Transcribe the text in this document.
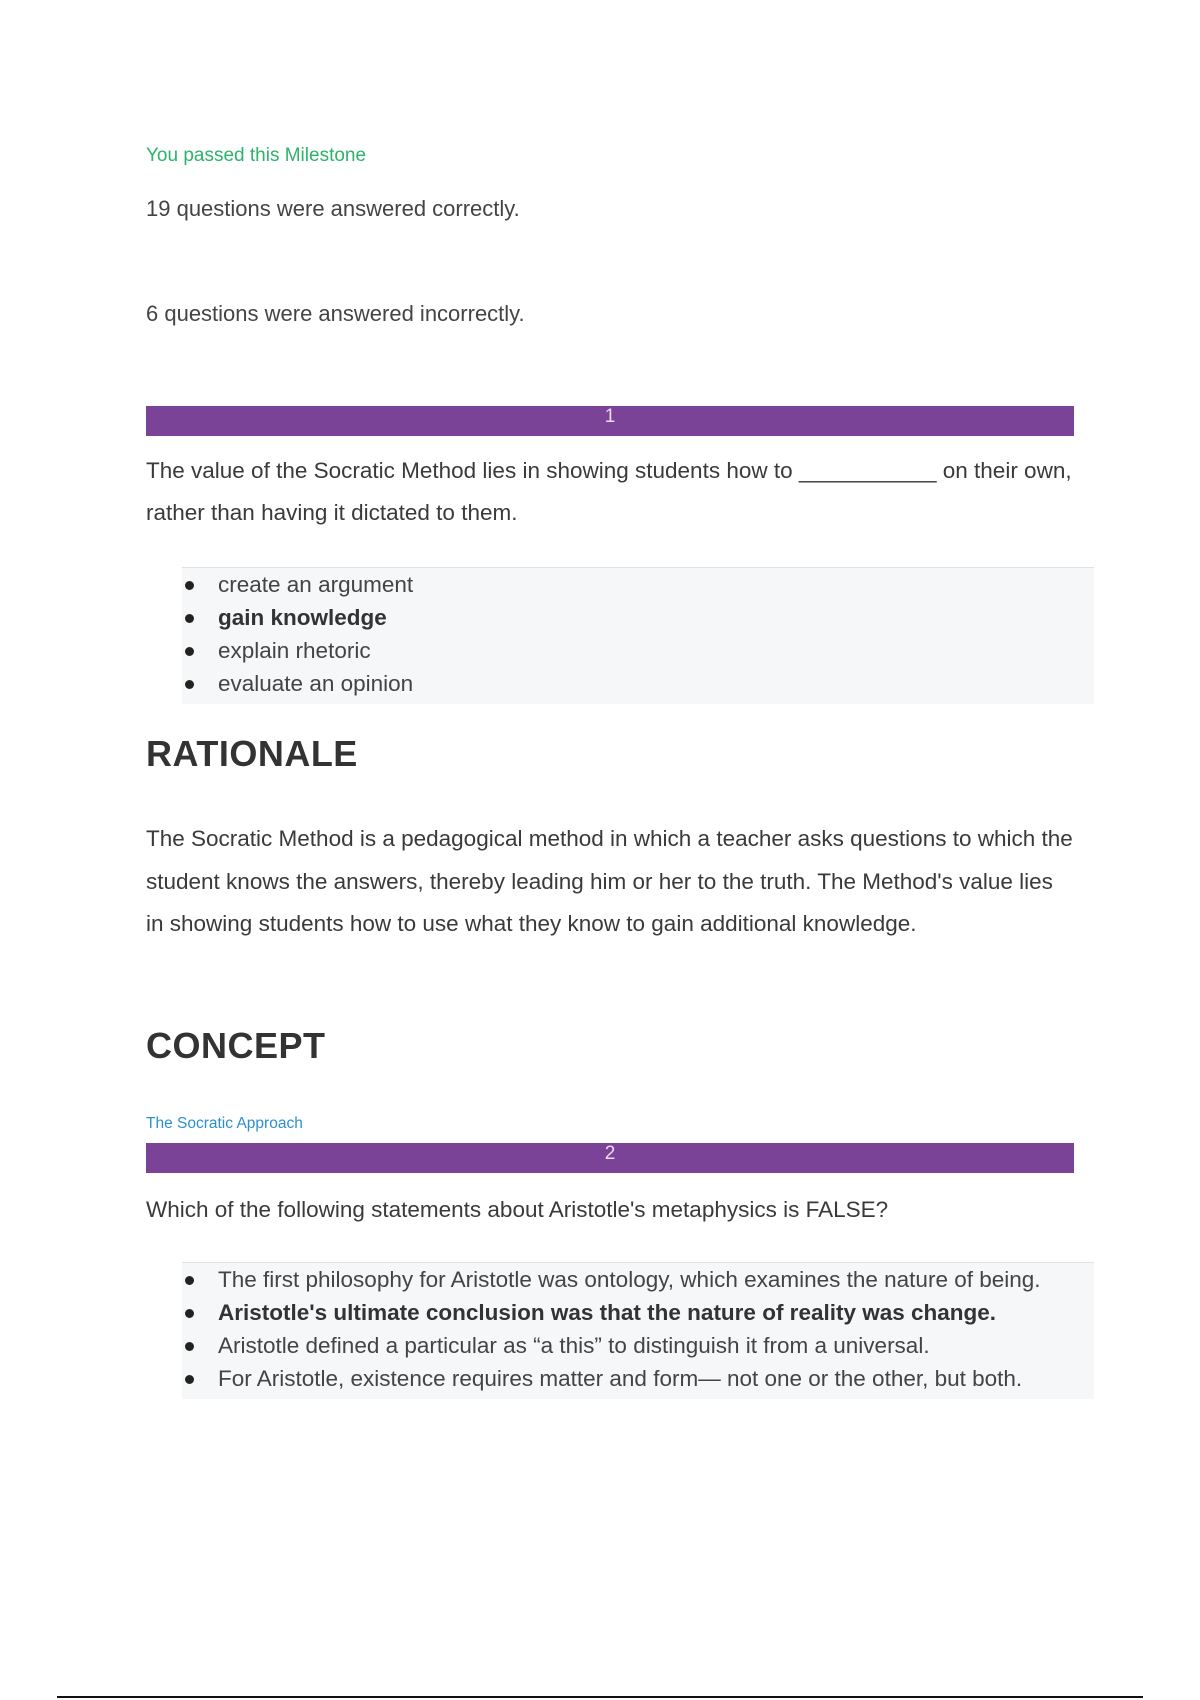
You passed this Milestone
19 questions were answered correctly.
6 questions were answered incorrectly.
1
The value of the Socratic Method lies in showing students how to ___________ on their own, rather than having it dictated to them.
create an argument
gain knowledge
explain rhetoric
evaluate an opinion
RATIONALE
The Socratic Method is a pedagogical method in which a teacher asks questions to which the student knows the answers, thereby leading him or her to the truth. The Method's value lies in showing students how to use what they know to gain additional knowledge.
CONCEPT
The Socratic Approach
2
Which of the following statements about Aristotle's metaphysics is FALSE?
The first philosophy for Aristotle was ontology, which examines the nature of being.
Aristotle's ultimate conclusion was that the nature of reality was change.
Aristotle defined a particular as “a this” to distinguish it from a universal.
For Aristotle, existence requires matter and form— not one or the other, but both.
